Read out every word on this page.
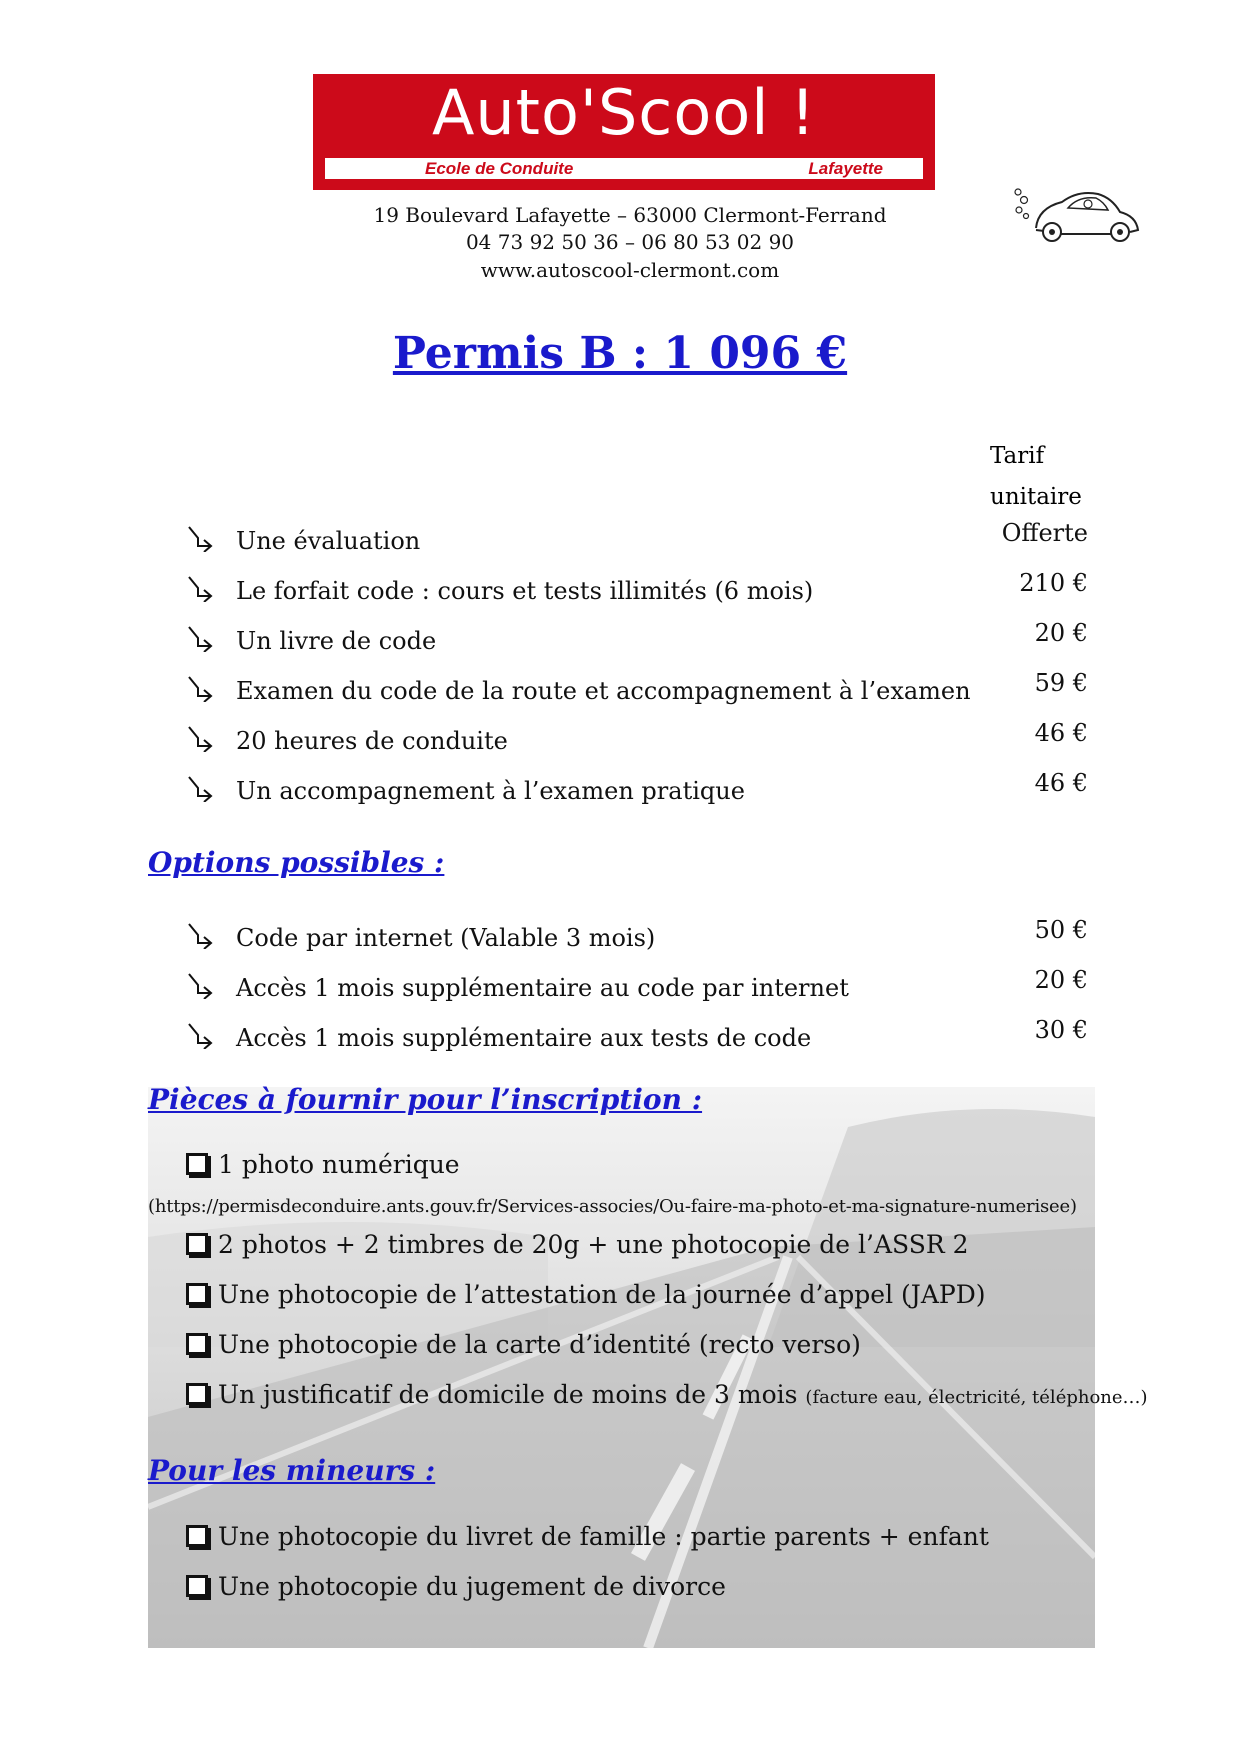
Auto'Scool !
Ecole de Conduite	Lafayette
19 Boulevard Lafayette – 63000 Clermont-Ferrand
04 73 92 50 36 – 06 80 53 02 90
www.autoscool-clermont.com
Permis B : 1 096 €
Tarif
unitaire
Une évaluation	Offerte
Le forfait code : cours et tests illimités (6 mois)	210 €
Un livre de code	20 €
Examen du code de la route et accompagnement à l’examen	59 €
20 heures de conduite	46 €
Un accompagnement à l’examen pratique	46 €
Options possibles :
Code par internet (Valable 3 mois)	50 €
Accès 1 mois supplémentaire au code par internet	20 €
Accès 1 mois supplémentaire aux tests de code	30 €
Pièces à fournir pour l’inscription :
1 photo numérique
(https://permisdeconduire.ants.gouv.fr/Services-associes/Ou-faire-ma-photo-et-ma-signature-numerisee)
2 photos + 2 timbres de 20g + une photocopie de l’ASSR 2
Une photocopie de l’attestation de la journée d’appel (JAPD)
Une photocopie de la carte d’identité (recto verso)
Un justificatif de domicile de moins de 3 mois (facture eau, électricité, téléphone…)
Pour les mineurs :
Une photocopie du livret de famille : partie parents + enfant
Une photocopie du jugement de divorce
